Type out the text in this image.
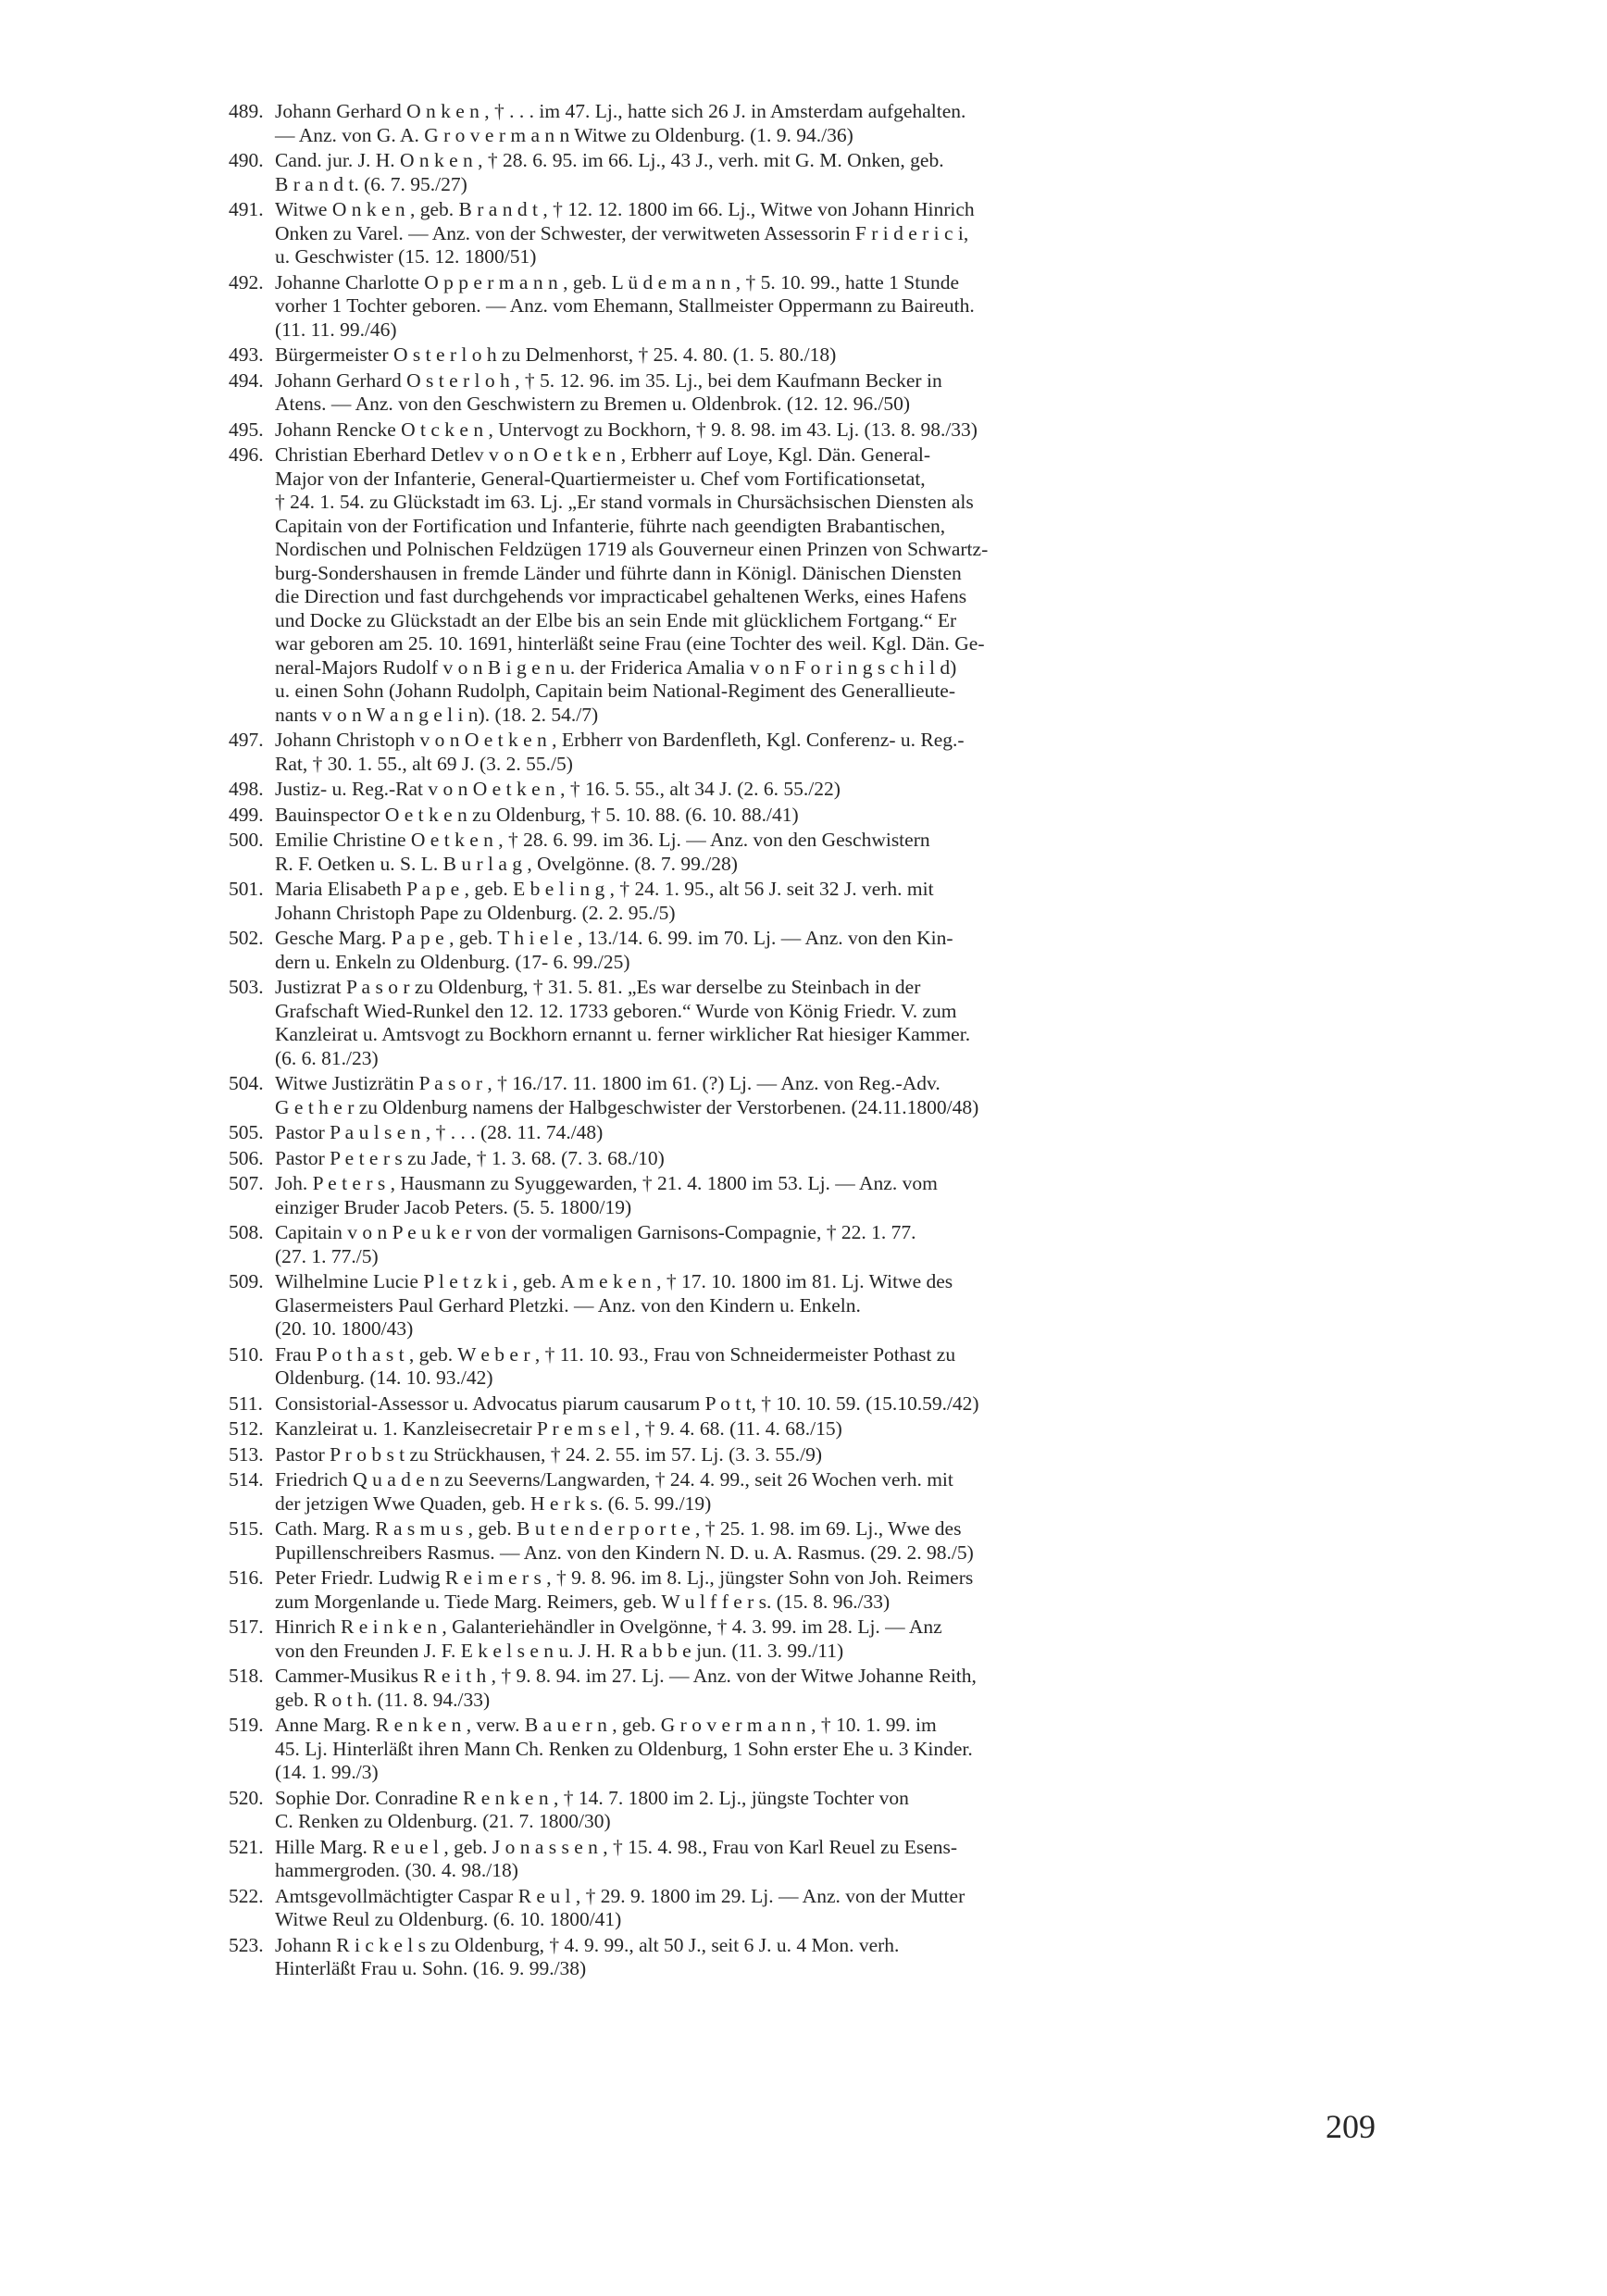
489. Johann Gerhard O n k e n , † . . . im 47. Lj., hatte sich 26 J. in Amsterdam aufgehalten.
— Anz. von G. A. G r o v e r m a n n Witwe zu Oldenburg. (1. 9. 94./36)
490. Cand. jur. J. H. O n k e n , † 28. 6. 95. im 66. Lj., 43 J., verh. mit G. M. Onken, geb.
B r a n d t. (6. 7. 95./27)
491. Witwe O n k e n , geb. B r a n d t , † 12. 12. 1800 im 66. Lj., Witwe von Johann Hinrich
Onken zu Varel. — Anz. von der Schwester, der verwitweten Assessorin F r i d e r i c i,
u. Geschwister (15. 12. 1800/51)
492. Johanne Charlotte O p p e r m a n n , geb. L ü d e m a n n , † 5. 10. 99., hatte 1 Stunde
vorher 1 Tochter geboren. — Anz. vom Ehemann, Stallmeister Oppermann zu Baireuth.
(11. 11. 99./46)
493. Bürgermeister O s t e r l o h zu Delmenhorst, † 25. 4. 80. (1. 5. 80./18)
494. Johann Gerhard O s t e r l o h , † 5. 12. 96. im 35. Lj., bei dem Kaufmann Becker in
Atens. — Anz. von den Geschwistern zu Bremen u. Oldenbrok. (12. 12. 96./50)
495. Johann Rencke O t c k e n , Untervogt zu Bockhorn, † 9. 8. 98. im 43. Lj. (13. 8. 98./33)
496. Christian Eberhard Detlev v o n O e t k e n , Erbherr auf Loye, Kgl. Dän. General-
Major von der Infanterie, General-Quartiermeister u. Chef vom Fortificationsetat,
† 24. 1. 54. zu Glückstadt im 63. Lj. „Er stand vormals in Chursächsischen Diensten als
Capitain von der Fortification und Infanterie, führte nach geendigten Brabantischen,
Nordischen und Polnischen Feldzügen 1719 als Gouverneur einen Prinzen von Schwartz-
burg-Sondershausen in fremde Länder und führte dann in Königl. Dänischen Diensten
die Direction und fast durchgehends vor impracticabel gehaltenen Werks, eines Hafens
und Docke zu Glückstadt an der Elbe bis an sein Ende mit glücklichem Fortgang.“ Er
war geboren am 25. 10. 1691, hinterläßt seine Frau (eine Tochter des weil. Kgl. Dän. Ge-
neral-Majors Rudolf v o n B i g e n u. der Friderica Amalia v o n F o r i n g s c h i l d)
u. einen Sohn (Johann Rudolph, Capitain beim National-Regiment des Generallieute-
nants v o n W a n g e l i n). (18. 2. 54./7)
497. Johann Christoph v o n O e t k e n , Erbherr von Bardenfleth, Kgl. Conferenz- u. Reg.-
Rat, † 30. 1. 55., alt 69 J. (3. 2. 55./5)
498. Justiz- u. Reg.-Rat v o n O e t k e n , † 16. 5. 55., alt 34 J. (2. 6. 55./22)
499. Bauinspector O e t k e n zu Oldenburg, † 5. 10. 88. (6. 10. 88./41)
500. Emilie Christine O e t k e n , † 28. 6. 99. im 36. Lj. — Anz. von den Geschwistern
R. F. Oetken u. S. L. B u r l a g , Ovelgönne. (8. 7. 99./28)
501. Maria Elisabeth P a p e , geb. E b e l i n g , † 24. 1. 95., alt 56 J. seit 32 J. verh. mit
Johann Christoph Pape zu Oldenburg. (2. 2. 95./5)
502. Gesche Marg. P a p e , geb. T h i e l e , 13./14. 6. 99. im 70. Lj. — Anz. von den Kin-
dern u. Enkeln zu Oldenburg. (17- 6. 99./25)
503. Justizrat P a s o r zu Oldenburg, † 31. 5. 81. „Es war derselbe zu Steinbach in der
Grafschaft Wied-Runkel den 12. 12. 1733 geboren.“ Wurde von König Friedr. V. zum
Kanzleirat u. Amtsvogt zu Bockhorn ernannt u. ferner wirklicher Rat hiesiger Kammer.
(6. 6. 81./23)
504. Witwe Justizrätin P a s o r , † 16./17. 11. 1800 im 61. (?) Lj. — Anz. von Reg.-Adv.
G e t h e r zu Oldenburg namens der Halbgeschwister der Verstorbenen. (24.11.1800/48)
505. Pastor P a u l s e n , † . . . (28. 11. 74./48)
506. Pastor P e t e r s zu Jade, † 1. 3. 68. (7. 3. 68./10)
507. Joh. P e t e r s , Hausmann zu Syuggewarden, † 21. 4. 1800 im 53. Lj. — Anz. vom
einziger Bruder Jacob Peters. (5. 5. 1800/19)
508. Capitain v o n P e u k e r von der vormaligen Garnisons-Compagnie, † 22. 1. 77.
(27. 1. 77./5)
509. Wilhelmine Lucie P l e t z k i , geb. A m e k e n , † 17. 10. 1800 im 81. Lj. Witwe des
Glasermeisters Paul Gerhard Pletzki. — Anz. von den Kindern u. Enkeln.
(20. 10. 1800/43)
510. Frau P o t h a s t , geb. W e b e r , † 11. 10. 93., Frau von Schneidermeister Pothast zu
Oldenburg. (14. 10. 93./42)
511. Consistorial-Assessor u. Advocatus piarum causarum P o t t, † 10. 10. 59. (15.10.59./42)
512. Kanzleirat u. 1. Kanzleisecretair P r e m s e l , † 9. 4. 68. (11. 4. 68./15)
513. Pastor P r o b s t zu Strückhausen, † 24. 2. 55. im 57. Lj. (3. 3. 55./9)
514. Friedrich Q u a d e n zu Seeverns/Langwarden, † 24. 4. 99., seit 26 Wochen verh. mit
der jetzigen Wwe Quaden, geb. H e r k s. (6. 5. 99./19)
515. Cath. Marg. R a s m u s , geb. B u t e n d e r p o r t e , † 25. 1. 98. im 69. Lj., Wwe des
Pupillenschreibers Rasmus. — Anz. von den Kindern N. D. u. A. Rasmus. (29. 2. 98./5)
516. Peter Friedr. Ludwig R e i m e r s , † 9. 8. 96. im 8. Lj., jüngster Sohn von Joh. Reimers
zum Morgenlande u. Tiede Marg. Reimers, geb. W u l f f e r s. (15. 8. 96./33)
517. Hinrich R e i n k e n , Galanteriehändler in Ovelgönne, † 4. 3. 99. im 28. Lj. — Anz
von den Freunden J. F. E k e l s e n u. J. H. R a b b e jun. (11. 3. 99./11)
518. Cammer-Musikus R e i t h , † 9. 8. 94. im 27. Lj. — Anz. von der Witwe Johanne Reith,
geb. R o t h. (11. 8. 94./33)
519. Anne Marg. R e n k e n , verw. B a u e r n , geb. G r o v e r m a n n , † 10. 1. 99. im
45. Lj. Hinterläßt ihren Mann Ch. Renken zu Oldenburg, 1 Sohn erster Ehe u. 3 Kinder.
(14. 1. 99./3)
520. Sophie Dor. Conradine R e n k e n , † 14. 7. 1800 im 2. Lj., jüngste Tochter von
C. Renken zu Oldenburg. (21. 7. 1800/30)
521. Hille Marg. R e u e l , geb. J o n a s s e n , † 15. 4. 98., Frau von Karl Reuel zu Esens-
hammergroden. (30. 4. 98./18)
522. Amtsgevollmächtigter Caspar R e u l , † 29. 9. 1800 im 29. Lj. — Anz. von der Mutter
Witwe Reul zu Oldenburg. (6. 10. 1800/41)
523. Johann R i c k e l s zu Oldenburg, † 4. 9. 99., alt 50 J., seit 6 J. u. 4 Mon. verh.
Hinterläßt Frau u. Sohn. (16. 9. 99./38)
209
